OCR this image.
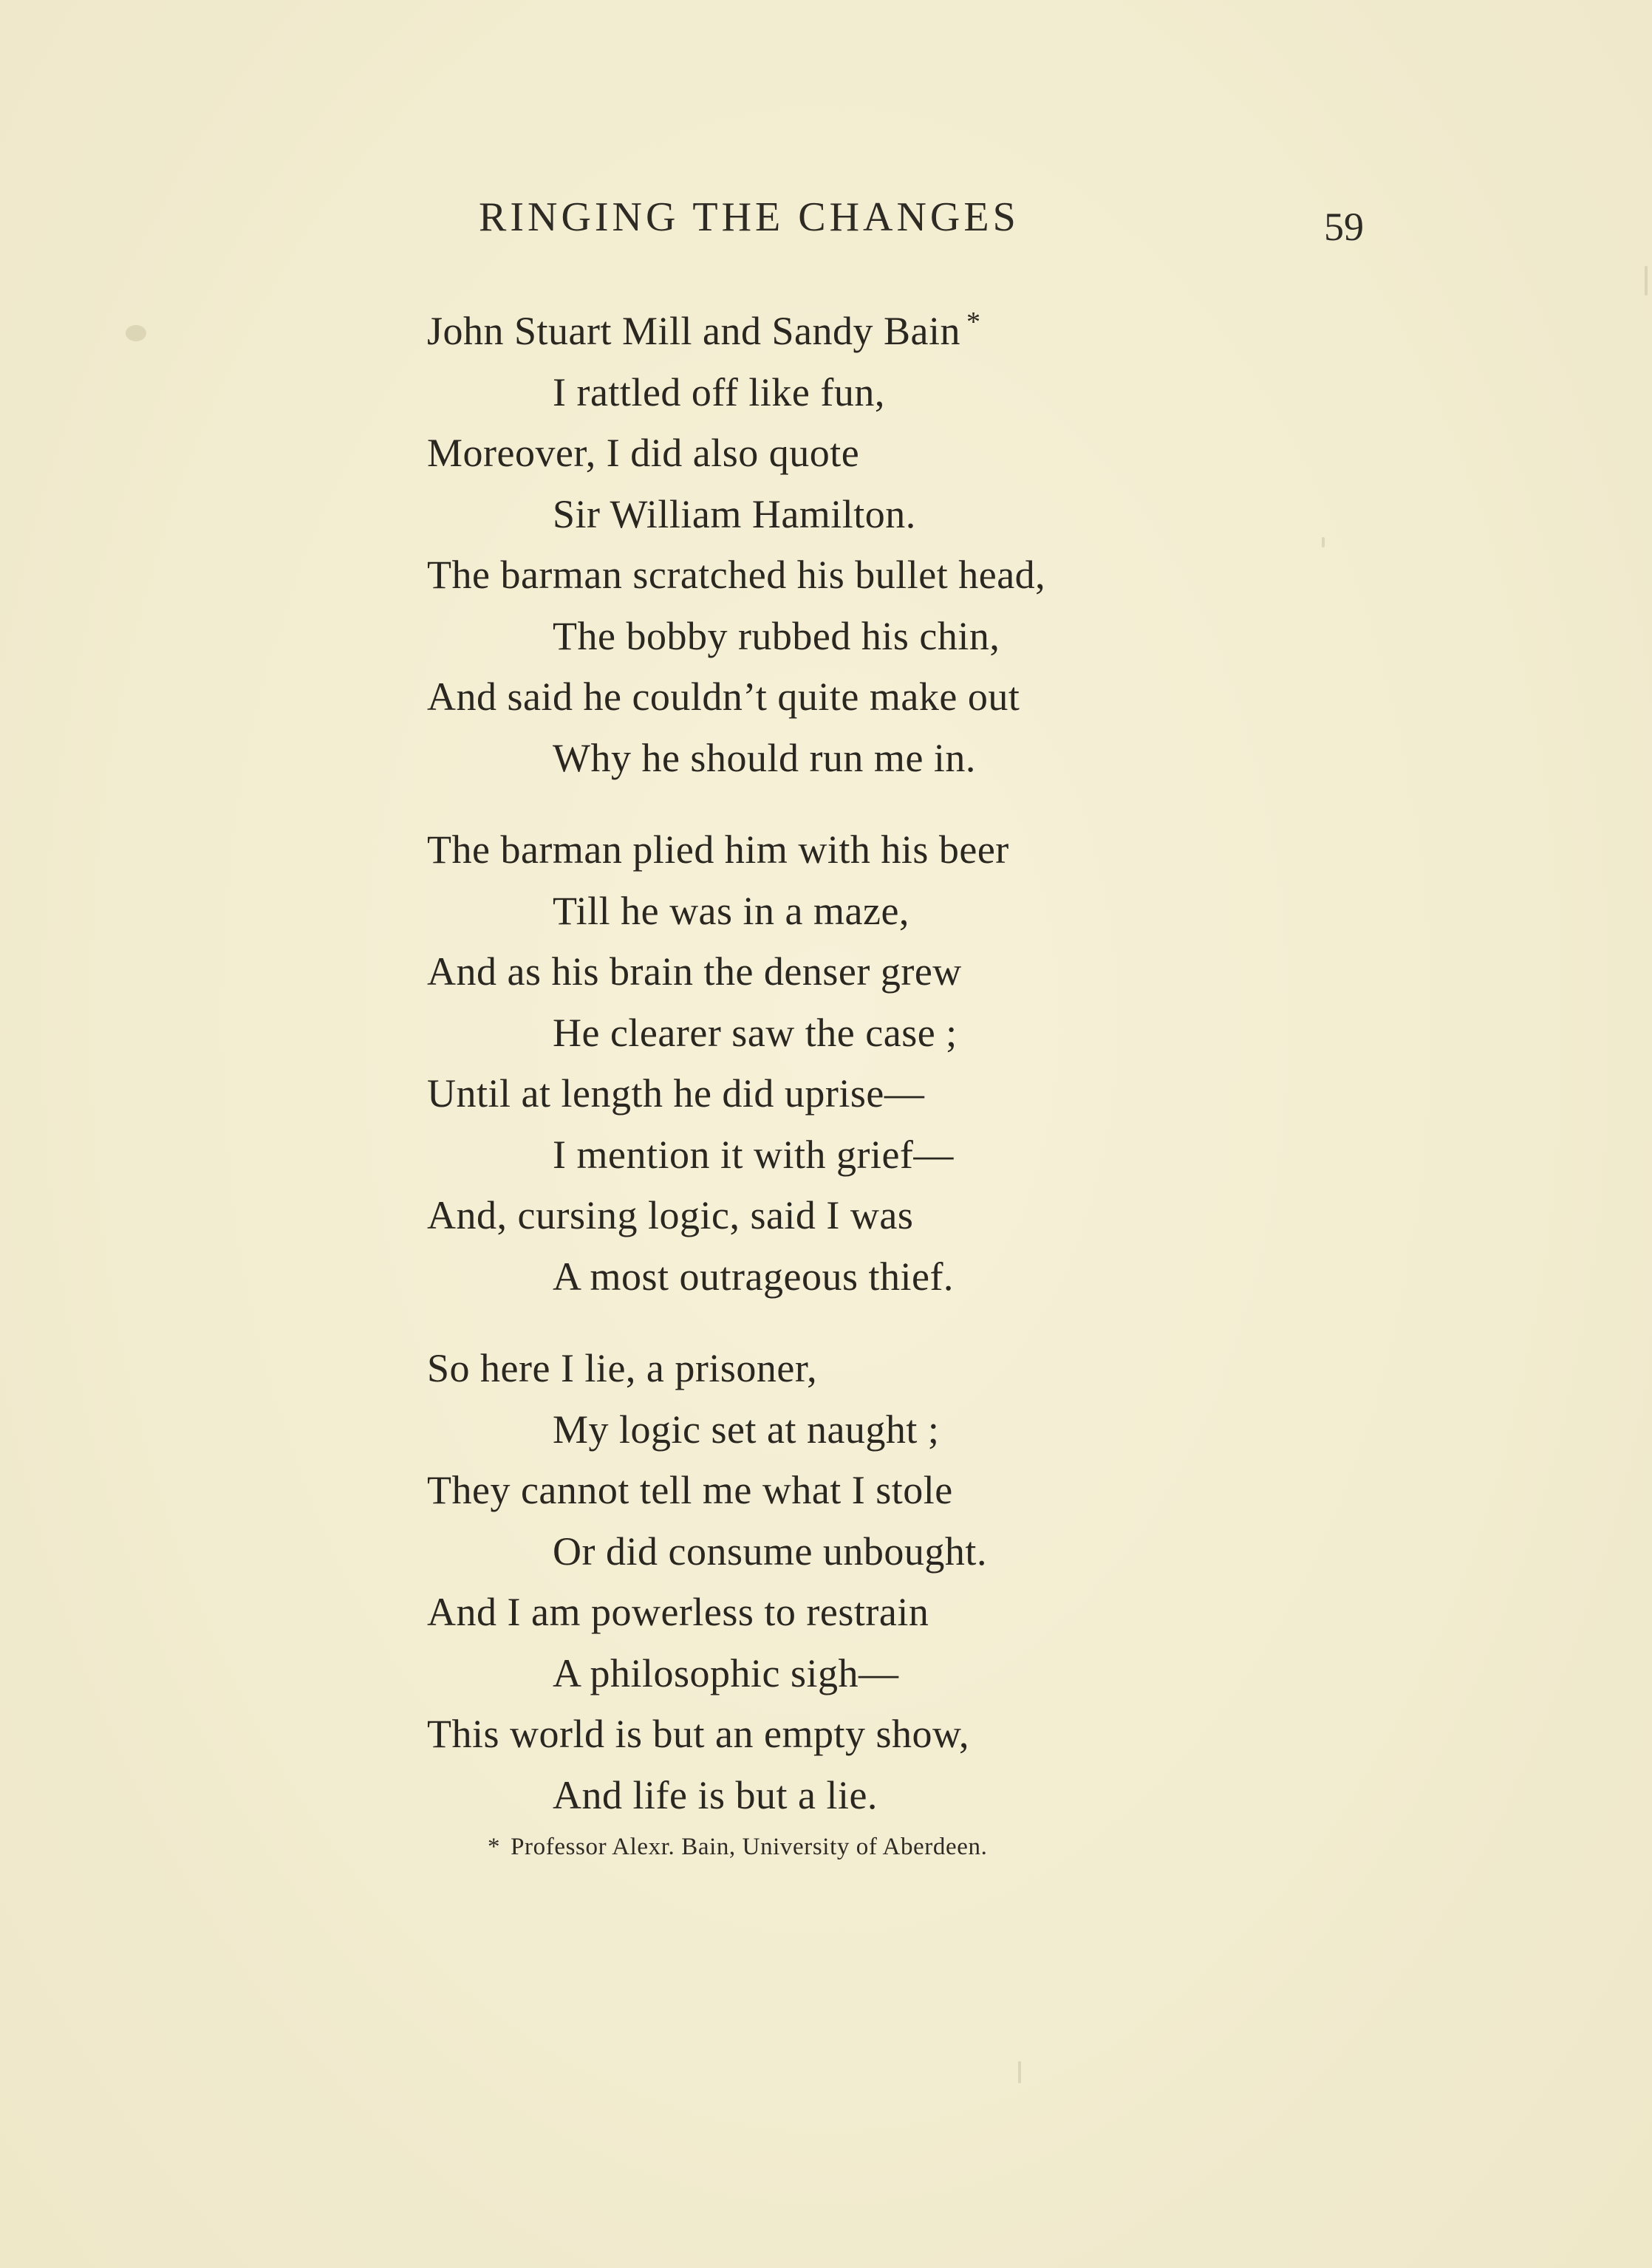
RINGING THE CHANGES	59
John Stuart Mill and Sandy Bain *
I rattled off like fun,
Moreover, I did also quote
Sir William Hamilton.
The barman scratched his bullet head,
The bobby rubbed his chin,
And said he couldn’t quite make out
Why he should run me in.
The barman plied him with his beer
Till he was in a maze,
And as his brain the denser grew
He clearer saw the case ;
Until at length he did uprise—
I mention it with grief—
And, cursing logic, said I was
A most outrageous thief.
So here I lie, a prisoner,
My logic set at naught ;
They cannot tell me what I stole
Or did consume unbought.
And I am powerless to restrain
A philosophic sigh—
This world is but an empty show,
And life is but a lie.
* Professor Alexr. Bain, University of Aberdeen.
